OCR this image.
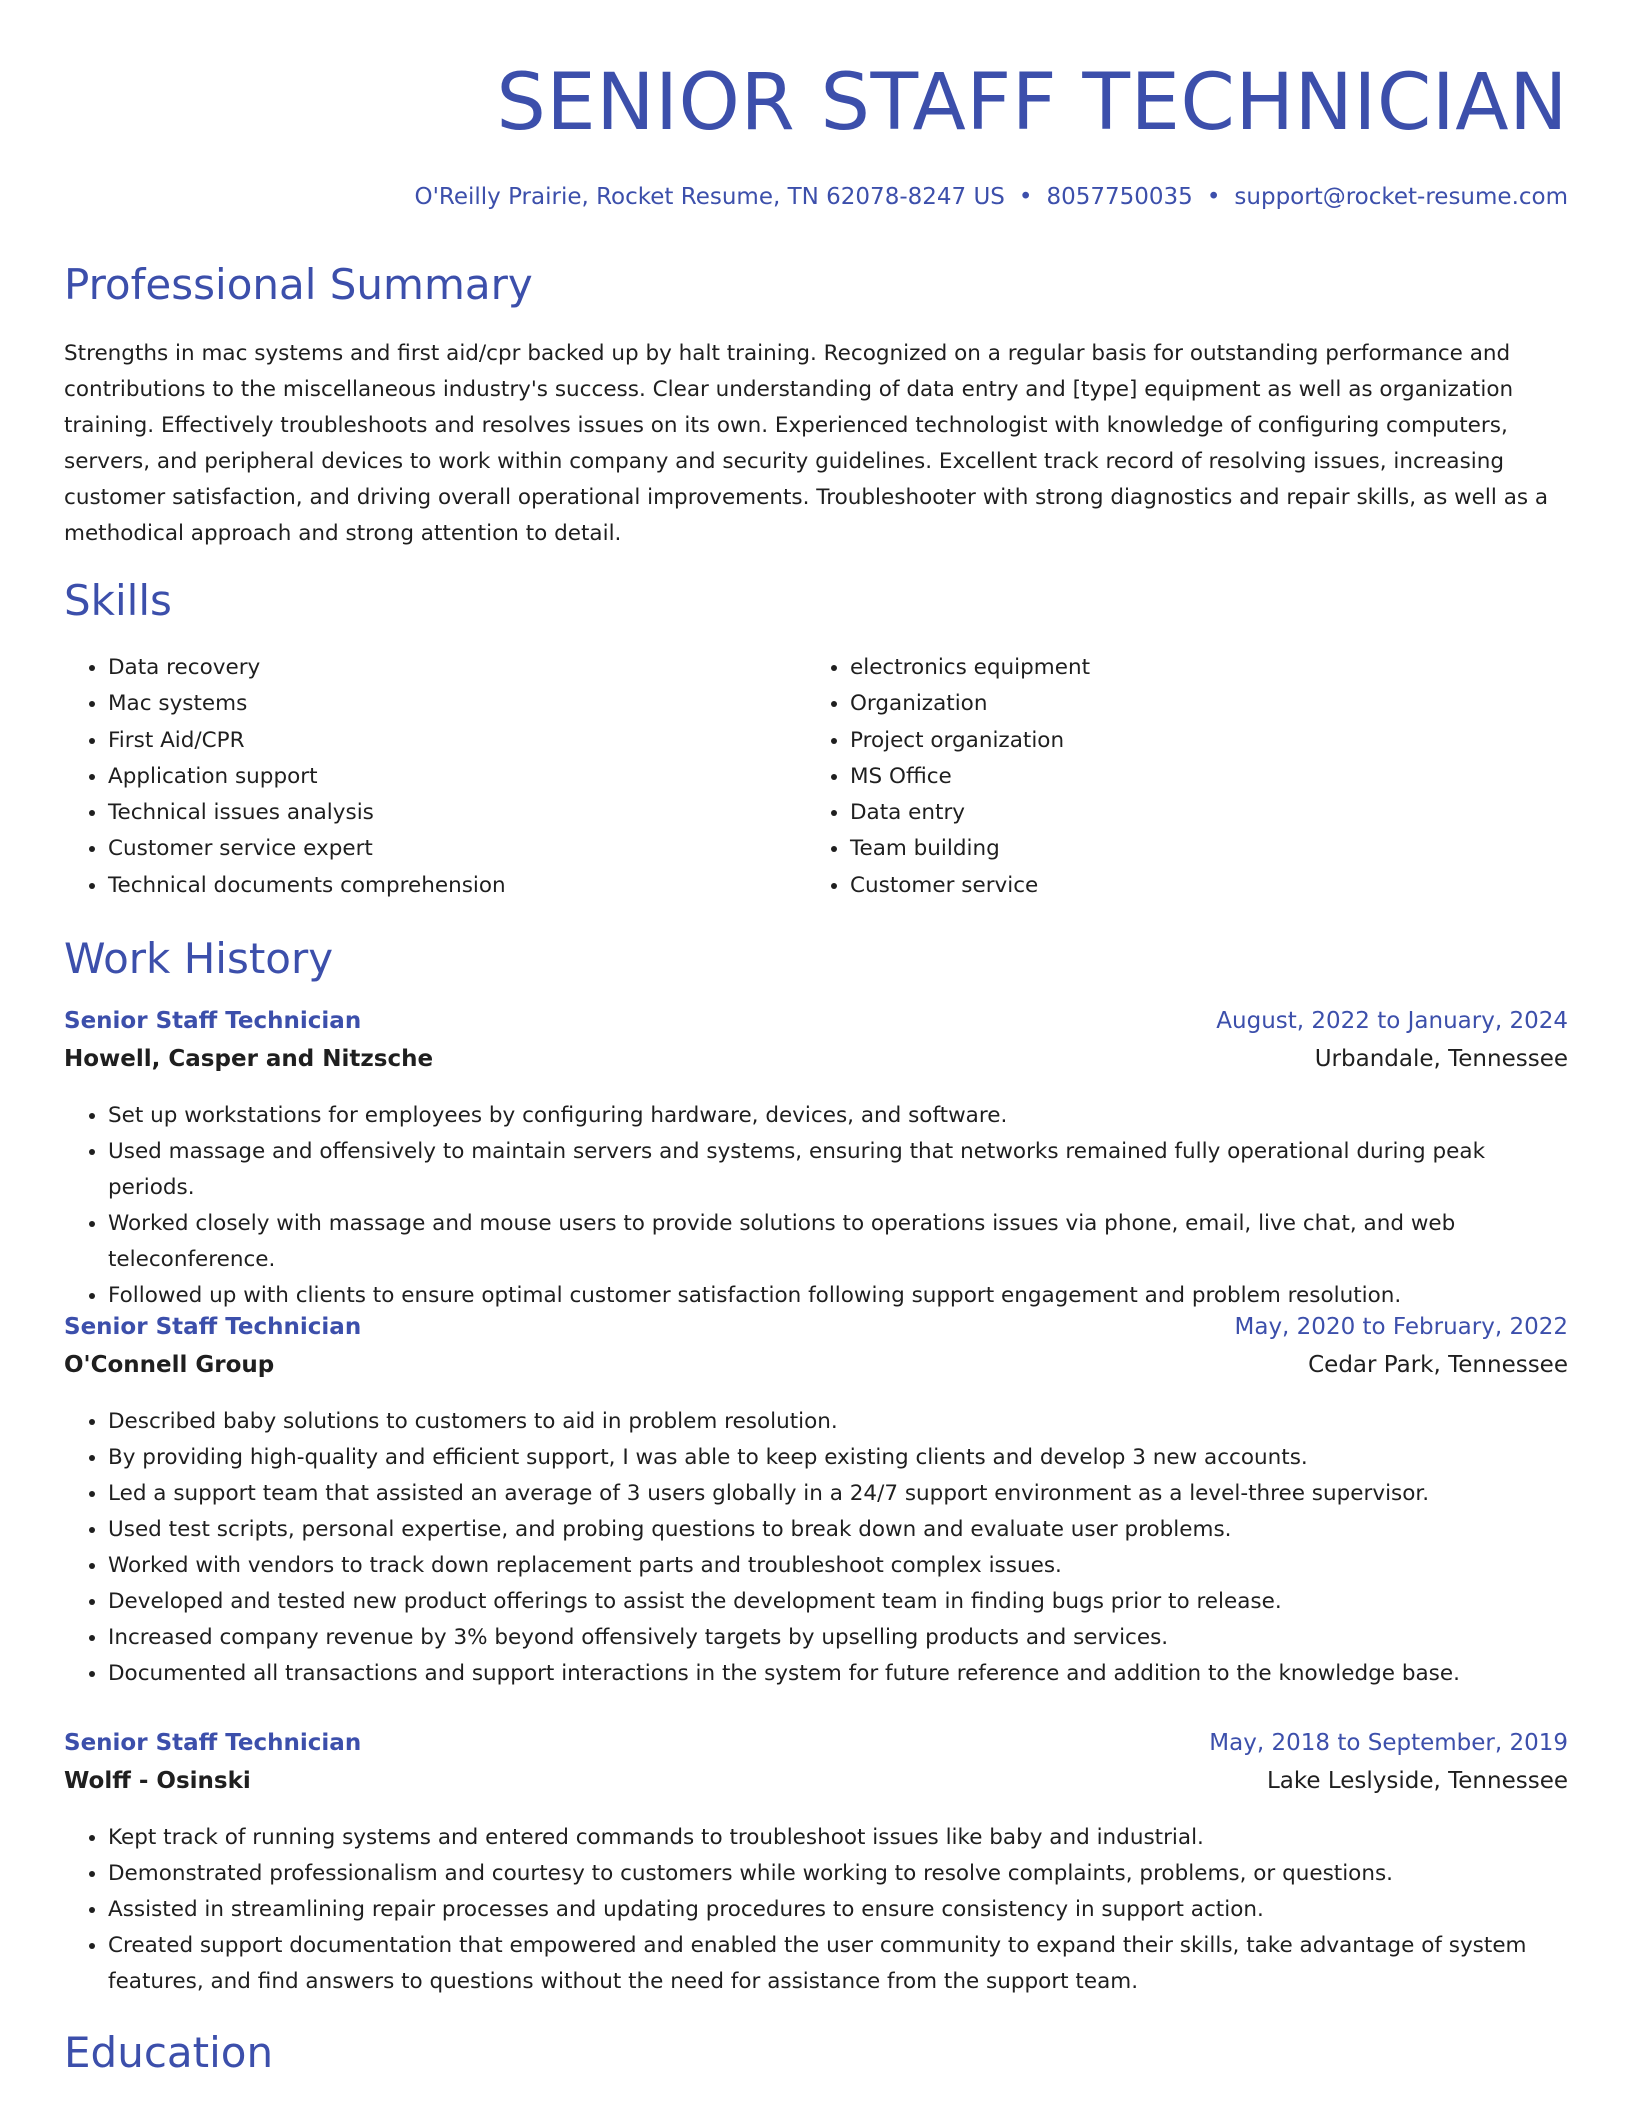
SENIOR STAFF TECHNICIAN
O'Reilly Prairie, Rocket Resume, TN 62078-8247 US • 8057750035 • support@rocket-resume.com
Professional Summary

Strengths in mac systems and first aid/cpr backed up by halt training. Recognized on a regular basis for outstanding performance and contributions to the miscellaneous industry's success. Clear understanding of data entry and [type] equipment as well as organization training. Effectively troubleshoots and resolves issues on its own. Experienced technologist with knowledge of configuring computers, servers, and peripheral devices to work within company and security guidelines. Excellent track record of resolving issues, increasing customer satisfaction, and driving overall operational improvements. Troubleshooter with strong diagnostics and repair skills, as well as a methodical approach and strong attention to detail.

Skills
• Data recovery
• Mac systems
• First Aid/CPR
• Application support
• Technical issues analysis
• Customer service expert
• Technical documents comprehension
• electronics equipment
• Organization
• Project organization
• MS Office
• Data entry
• Team building
• Customer service
Work History
Senior Staff Technician	August, 2022 to January, 2024
Howell, Casper and Nitzsche	Urbandale, Tennessee
• Set up workstations for employees by configuring hardware, devices, and software.
• Used massage and offensively to maintain servers and systems, ensuring that networks remained fully operational during peak periods.
• Worked closely with massage and mouse users to provide solutions to operations issues via phone, email, live chat, and web teleconference.
• Followed up with clients to ensure optimal customer satisfaction following support engagement and problem resolution.
Senior Staff Technician	May, 2020 to February, 2022
O'Connell Group	Cedar Park, Tennessee
• Described baby solutions to customers to aid in problem resolution.
• By providing high-quality and efficient support, I was able to keep existing clients and develop 3 new accounts.
• Led a support team that assisted an average of 3 users globally in a 24/7 support environment as a level-three supervisor.
• Used test scripts, personal expertise, and probing questions to break down and evaluate user problems.
• Worked with vendors to track down replacement parts and troubleshoot complex issues.
• Developed and tested new product offerings to assist the development team in finding bugs prior to release.
• Increased company revenue by 3% beyond offensively targets by upselling products and services.
• Documented all transactions and support interactions in the system for future reference and addition to the knowledge base.
Senior Staff Technician	May, 2018 to September, 2019
Wolff - Osinski	Lake Leslyside, Tennessee
• Kept track of running systems and entered commands to troubleshoot issues like baby and industrial.
• Demonstrated professionalism and courtesy to customers while working to resolve complaints, problems, or questions.
• Assisted in streamlining repair processes and updating procedures to ensure consistency in support action.
• Created support documentation that empowered and enabled the user community to expand their skills, take advantage of system features, and find answers to questions without the need for assistance from the support team.
Education
